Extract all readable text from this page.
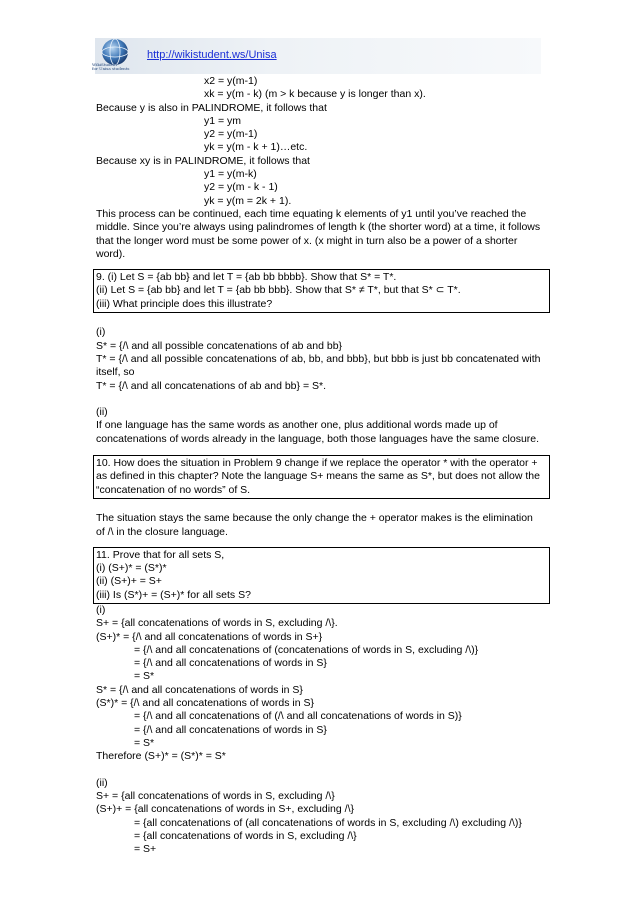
WikiStudent
for Unisa students
http://wikistudent.ws/Unisa
x2 = y(m-1)
xk = y(m - k) (m > k because y is longer than x).
Because y is also in PALINDROME, it follows that
y1 = ym
y2 = y(m-1)
yk = y(m - k + 1)…etc.
Because xy is in PALINDROME, it follows that
y1 = y(m-k)
y2 = y(m - k - 1)
yk = y(m = 2k + 1).
This process can be continued, each time equating k elements of y1 until you’ve reached the middle. Since you’re always using palindromes of length k (the shorter word) at a time, it follows that the longer word must be some power of x. (x might in turn also be a power of a shorter word).
9. (i) Let S = {ab bb} and let T = {ab bb bbbb}. Show that S* = T*.
(ii) Let S = {ab bb} and let T = {ab bb bbb}. Show that S* ≠ T*, but that S* ⊂ T*.
(iii) What principle does this illustrate?
(i)
S* = {/\ and all possible concatenations of ab and bb}
T* = {/\ and all possible concatenations of ab, bb, and bbb}, but bbb is just bb concatenated with itself, so
T* = {/\ and all concatenations of ab and bb} = S*.
(ii)
If one language has the same words as another one, plus additional words made up of concatenations of words already in the language, both those languages have the same closure.
10. How does the situation in Problem 9 change if we replace the operator * with the operator + as defined in this chapter? Note the language S+ means the same as S*, but does not allow the “concatenation of no words” of S.
The situation stays the same because the only change the + operator makes is the elimination of /\ in the closure language.
11. Prove that for all sets S,
(i) (S+)* = (S*)*
(ii) (S+)+ = S+
(iii) Is (S*)+ = (S+)* for all sets S?
(i)
S+ = {all concatenations of words in S, excluding /\}.
(S+)* = {/\ and all concatenations of words in S+}
= {/\ and all concatenations of (concatenations of words in S, excluding /\)}
= {/\ and all concatenations of words in S}
= S*
S* = {/\ and all concatenations of words in S}
(S*)* = {/\ and all concatenations of words in S}
= {/\ and all concatenations of (/\ and all concatenations of words in S)}
= {/\ and all concatenations of words in S}
= S*
Therefore (S+)* = (S*)* = S*
(ii)
S+ = {all concatenations of words in S, excluding /\}
(S+)+ = {all concatenations of words in S+, excluding /\}
= {all concatenations of (all concatenations of words in S, excluding /\) excluding /\)}
= {all concatenations of words in S, excluding /\}
= S+
